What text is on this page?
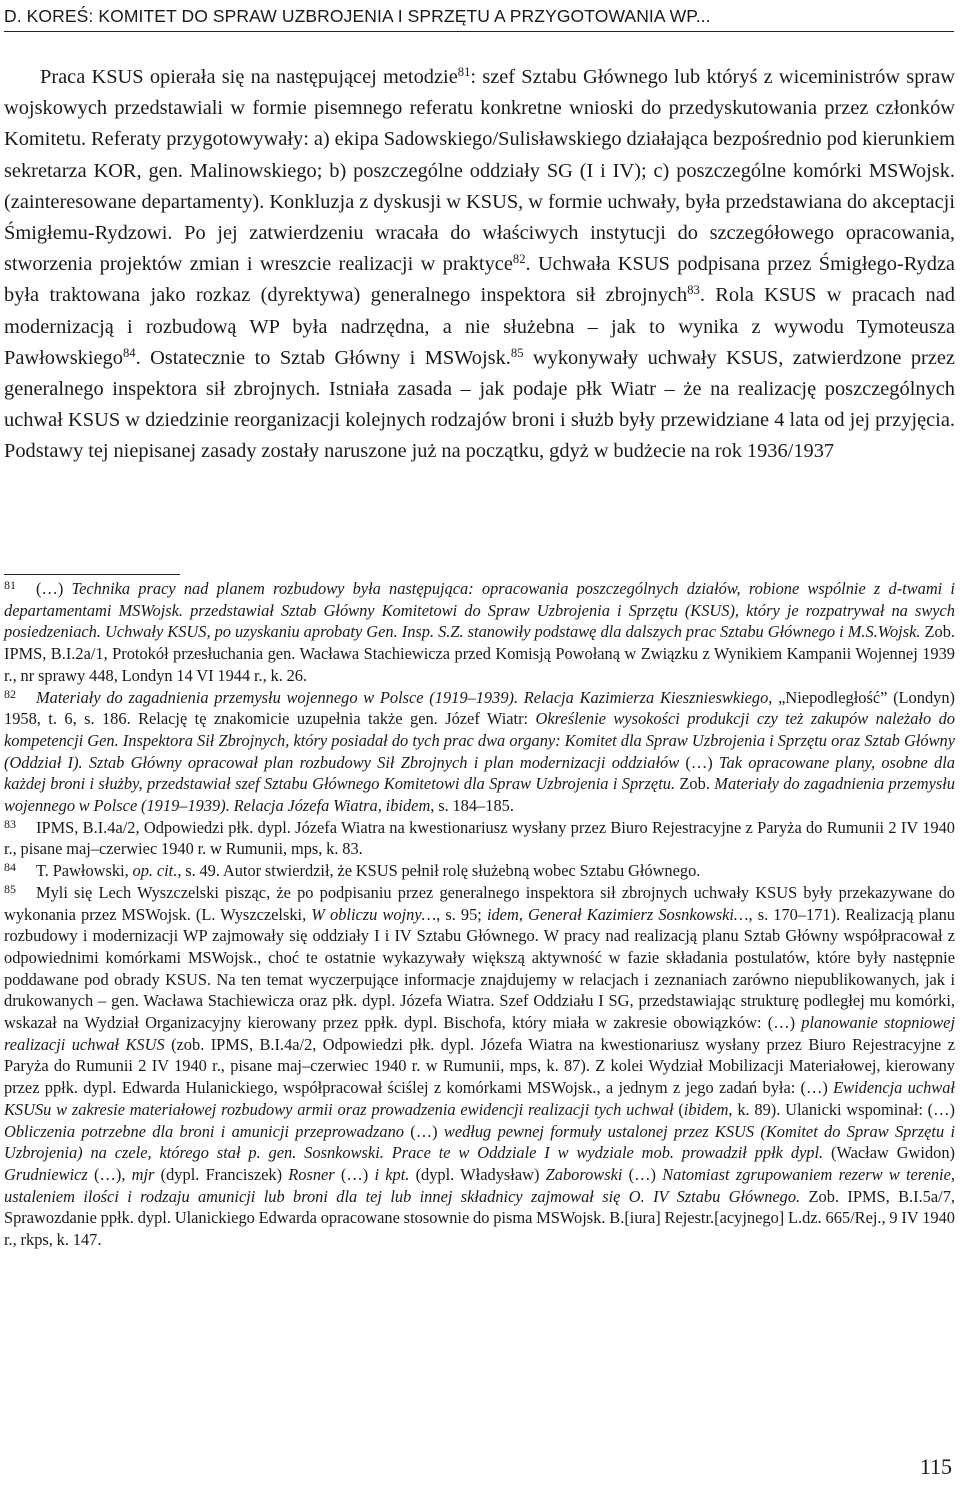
D. KOREŚ: KOMITET DO SPRAW UZBROJENIA I SPRZĘTU A PRZYGOTOWANIA WP...

Praca KSUS opierała się na następującej metodzie$^{81}$: szef Sztabu Głównego lub któryś z wiceministrów spraw wojskowych przedstawiali w formie pisemnego referatu konkretne wnioski do przedyskutowania przez członków Komitetu. Referaty przygotowywały: a) ekipa Sadowskiego/Sulisławskiego działająca bezpośrednio pod kierunkiem sekretarza KOR, gen. Malinowskiego; b) poszczególne oddziały SG (I i IV); c) poszczególne komórki MSWojsk. (zainteresowane departamenty). Konkluzja z dyskusji w KSUS, w formie uchwały, była przedstawiana do akceptacji Śmigłemu-Rydzowi. Po jej zatwierdzeniu wracała do właściwych instytucji do szczegółowego opracowania, stworzenia projektów zmian i wreszcie realizacji w praktyce$^{82}$. Uchwała KSUS podpisana przez Śmigłego-Rydza była traktowana jako rozkaz (dyrektywa) generalnego inspektora sił zbrojnych$^{83}$. Rola KSUS w pracach nad modernizacją i rozbudową WP była nadrzędna, a nie służebna – jak to wynika z wywodu Tymoteusza Pawłowskiego$^{84}$. Ostatecznie to Sztab Główny i MSWojsk.$^{85}$ wykonywały uchwały KSUS, zatwierdzone przez generalnego inspektora sił zbrojnych. Istniała zasada – jak podaje płk Wiatr – że na realizację poszczególnych uchwał KSUS w dziedzinie reorganizacji kolejnych rodzajów broni i służb były przewidziane 4 lata od jej przyjęcia. Podstawy tej niepisanej zasady zostały naruszone już na początku, gdyż w budżecie na rok 1936/1937

81 (…) Technika pracy nad planem rozbudowy była następująca: opracowania poszczególnych działów, robione wspólnie z d-twami i departamentami MSWojsk. przedstawiał Sztab Główny Komitetowi do Spraw Uzbrojenia i Sprzętu (KSUS), który je rozpatrywał na swych posiedzeniach. Uchwały KSUS, po uzyskaniu aprobaty Gen. Insp. S.Z. stanowiły podstawę dla dalszych prac Sztabu Głównego i M.S.Wojsk. Zob. IPMS, B.I.2a/1, Protokół przesłuchania gen. Wacława Stachiewicza przed Komisją Powołaną w Związku z Wynikiem Kampanii Wojennej 1939 r., nr sprawy 448, Londyn 14 VI 1944 r., k. 26.

82 Materiały do zagadnienia przemysłu wojennego w Polsce (1919–1939). Relacja Kazimierza Kiesznieswkiego, „Niepodległość” (Londyn) 1958, t. 6, s. 186. Relację tę znakomicie uzupełnia także gen. Józef Wiatr: Określenie wysokości produkcji czy też zakupów należało do kompetencji Gen. Inspektora Sił Zbrojnych, który posiadał do tych prac dwa organy: Komitet dla Spraw Uzbrojenia i Sprzętu oraz Sztab Główny (Oddział I). Sztab Główny opracował plan rozbudowy Sił Zbrojnych i plan modernizacji oddziałów (…) Tak opracowane plany, osobne dla każdej broni i służby, przedstawiał szef Sztabu Głównego Komitetowi dla Spraw Uzbrojenia i Sprzętu. Zob. Materiały do zagadnienia przemysłu wojennego w Polsce (1919–1939). Relacja Józefa Wiatra, ibidem, s. 184–185.

83 IPMS, B.I.4a/2, Odpowiedzi płk. dypl. Józefa Wiatra na kwestionariusz wysłany przez Biuro Rejestracyjne z Paryża do Rumunii 2 IV 1940 r., pisane maj–czerwiec 1940 r. w Rumunii, mps, k. 83.

84 T. Pawłowski, op. cit., s. 49. Autor stwierdził, że KSUS pełnił rolę służebną wobec Sztabu Głównego.

85 Myli się Lech Wyszczelski pisząc, że po podpisaniu przez generalnego inspektora sił zbrojnych uchwały KSUS były przekazywane do wykonania przez MSWojsk. (L. Wyszczelski, W obliczu wojny…, s. 95; idem, Generał Kazimierz Sosnkowski…, s. 170–171). Realizacją planu rozbudowy i modernizacji WP zajmowały się oddziały I i IV Sztabu Głównego. W pracy nad realizacją planu Sztab Główny współpracował z odpowiednimi komórkami MSWojsk., choć te ostatnie wykazywały większą aktywność w fazie składania postulatów, które były następnie poddawane pod obrady KSUS. Na ten temat wyczerpujące informacje znajdujemy w relacjach i zeznaniach zarówno niepublikowanych, jak i drukowanych – gen. Wacława Stachiewicza oraz płk. dypl. Józefa Wiatra. Szef Oddziału I SG, przedstawiając strukturę podległej mu komórki, wskazał na Wydział Organizacyjny kierowany przez ppłk. dypl. Bischofa, który miała w zakresie obowiązków: (…) planowanie stopniowej realizacji uchwał KSUS (zob. IPMS, B.I.4a/2, Odpowiedzi płk. dypl. Józefa Wiatra na kwestionariusz wysłany przez Biuro Rejestracyjne z Paryża do Rumunii 2 IV 1940 r., pisane maj–czerwiec 1940 r. w Rumunii, mps, k. 87). Z kolei Wydział Mobilizacji Materiałowej, kierowany przez ppłk. dypl. Edwarda Hulanickiego, współpracował ściślej z komórkami MSWojsk., a jednym z jego zadań była: (…) Ewidencja uchwał KSUSu w zakresie materiałowej rozbudowy armii oraz prowadzenia ewidencji realizacji tych uchwał (ibidem, k. 89). Ulanicki wspominał: (…) Obliczenia potrzebne dla broni i amunicji przeprowadzano (…) według pewnej formuły ustalonej przez KSUS (Komitet do Spraw Sprzętu i Uzbrojenia) na czele, którego stał p. gen. Sosnkowski. Prace te w Oddziale I w wydziale mob. prowadził ppłk dypl. (Wacław Gwidon) Grudniewicz (…), mjr (dypl. Franciszek) Rosner (…) i kpt. (dypl. Władysław) Zaborowski (…) Natomiast zgrupowaniem rezerw w terenie, ustaleniem ilości i rodzaju amunicji lub broni dla tej lub innej składnicy zajmował się O. IV Sztabu Głównego. Zob. IPMS, B.I.5a/7, Sprawozdanie ppłk. dypl. Ulanickiego Edwarda opracowane stosownie do pisma MSWojsk. B.[iura] Rejestr.[acyjnego] L.dz. 665/Rej., 9 IV 1940 r., rkps, k. 147.

115
